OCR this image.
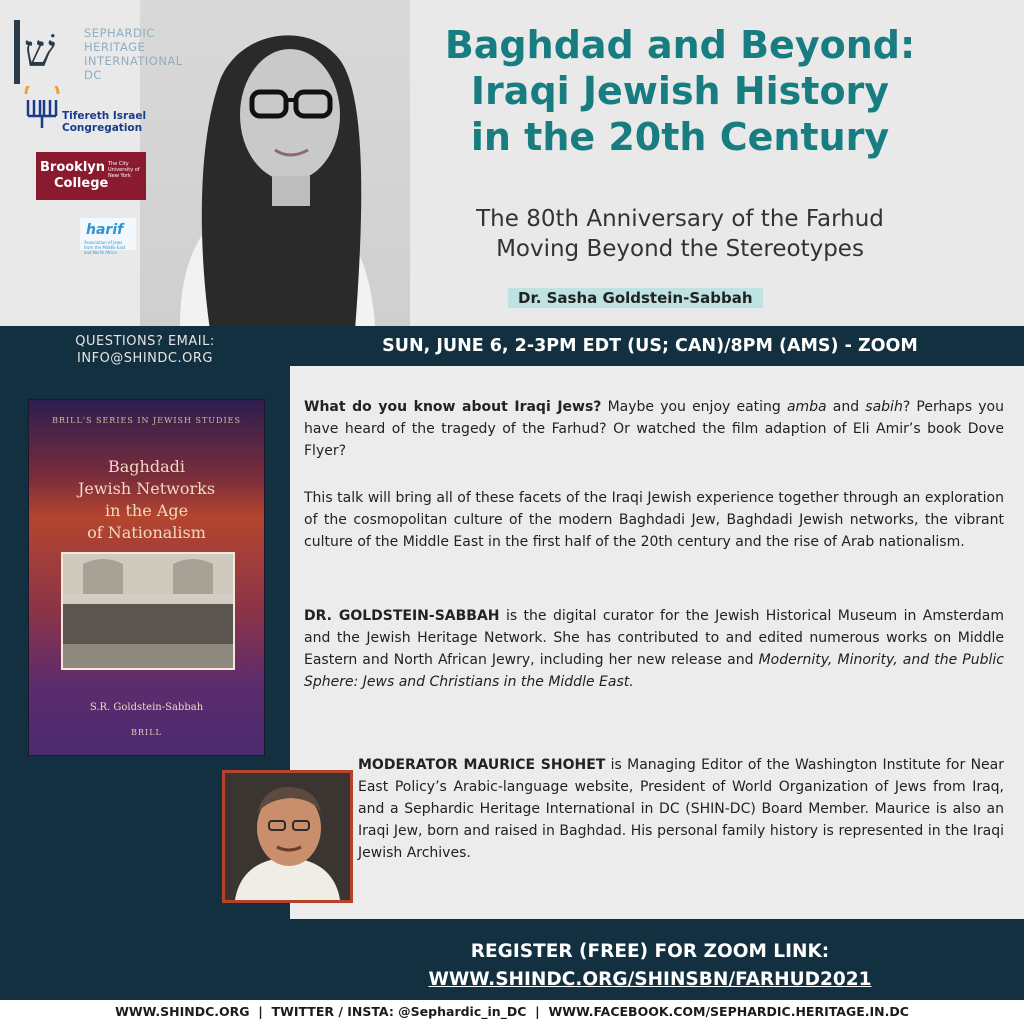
שׁ	SEPHARDIC
HERITAGE
INTERNATIONAL
DC
Tifereth Israel
Congregation
Brooklyn
College
The City University of New York
harif
Association of Jews from the Middle East and North Africa
Baghdad and Beyond:
Iraqi Jewish History
in the 20th Century
The 80th Anniversary of the Farhud
Moving Beyond the Stereotypes
Dr. Sasha Goldstein-Sabbah
QUESTIONS? EMAIL:
INFO@SHINDC.ORG
SUN, JUNE 6, 2-3PM EDT (US; CAN)/8PM (AMS) - ZOOM
BRILL'S SERIES IN JEWISH STUDIES
Baghdadi
Jewish Networks
in the Age
of Nationalism
S.R. Goldstein-Sabbah
BRILL
What do you know about Iraqi Jews? Maybe you enjoy eating amba and sabih? Perhaps you have heard of the tragedy of the Farhud? Or watched the film adaption of Eli Amir’s book Dove Flyer?
This talk will bring all of these facets of the Iraqi Jewish experience together through an exploration of the cosmopolitan culture of the modern Baghdadi Jew, Baghdadi Jewish networks, the vibrant culture of the Middle East in the first half of the 20th century and the rise of Arab nationalism.
DR. GOLDSTEIN-SABBAH is the digital curator for the Jewish Historical Museum in Amsterdam and the Jewish Heritage Network. She has contributed to and edited numerous works on Middle Eastern and North African Jewry, including her new release and Modernity, Minority, and the Public Sphere: Jews and Christians in the Middle East.
MODERATOR MAURICE SHOHET is Managing Editor of the Washington Institute for Near East Policy’s Arabic-language website, President of World Organization of Jews from Iraq, and a Sephardic Heritage International in DC (SHIN-DC) Board Member. Maurice is also an Iraqi Jew, born and raised in Baghdad. His personal family history is represented in the Iraqi Jewish Archives.
REGISTER (FREE) FOR ZOOM LINK:
WWW.SHINDC.ORG/SHINSBN/FARHUD2021
WWW.SHINDC.ORG  |  TWITTER / INSTA: @Sephardic_in_DC  |  WWW.FACEBOOK.COM/SEPHARDIC.HERITAGE.IN.DC
